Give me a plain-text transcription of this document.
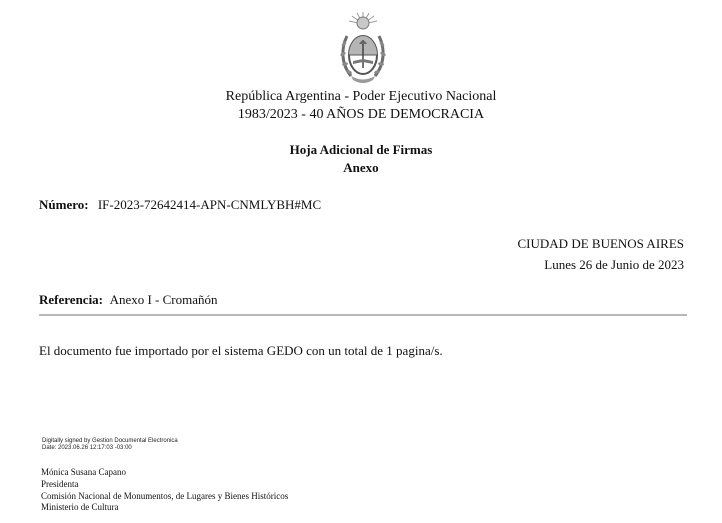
República Argentina - Poder Ejecutivo Nacional
1983/2023 - 40 AÑOS DE DEMOCRACIA
Hoja Adicional de Firmas
Anexo
Número: IF-2023-72642414-APN-CNMLYBH#MC
CIUDAD DE BUENOS AIRES
Lunes 26 de Junio de 2023
Referencia: Anexo I - Cromañón
El documento fue importado por el sistema GEDO con un total de 1 pagina/s.
Digitally signed by Gestion Documental Electronica
Date: 2023.06.26 12:17:03 -03:00
Mónica Susana Capano
Presidenta
Comisión Nacional de Monumentos, de Lugares y Bienes Históricos
Ministerio de Cultura
